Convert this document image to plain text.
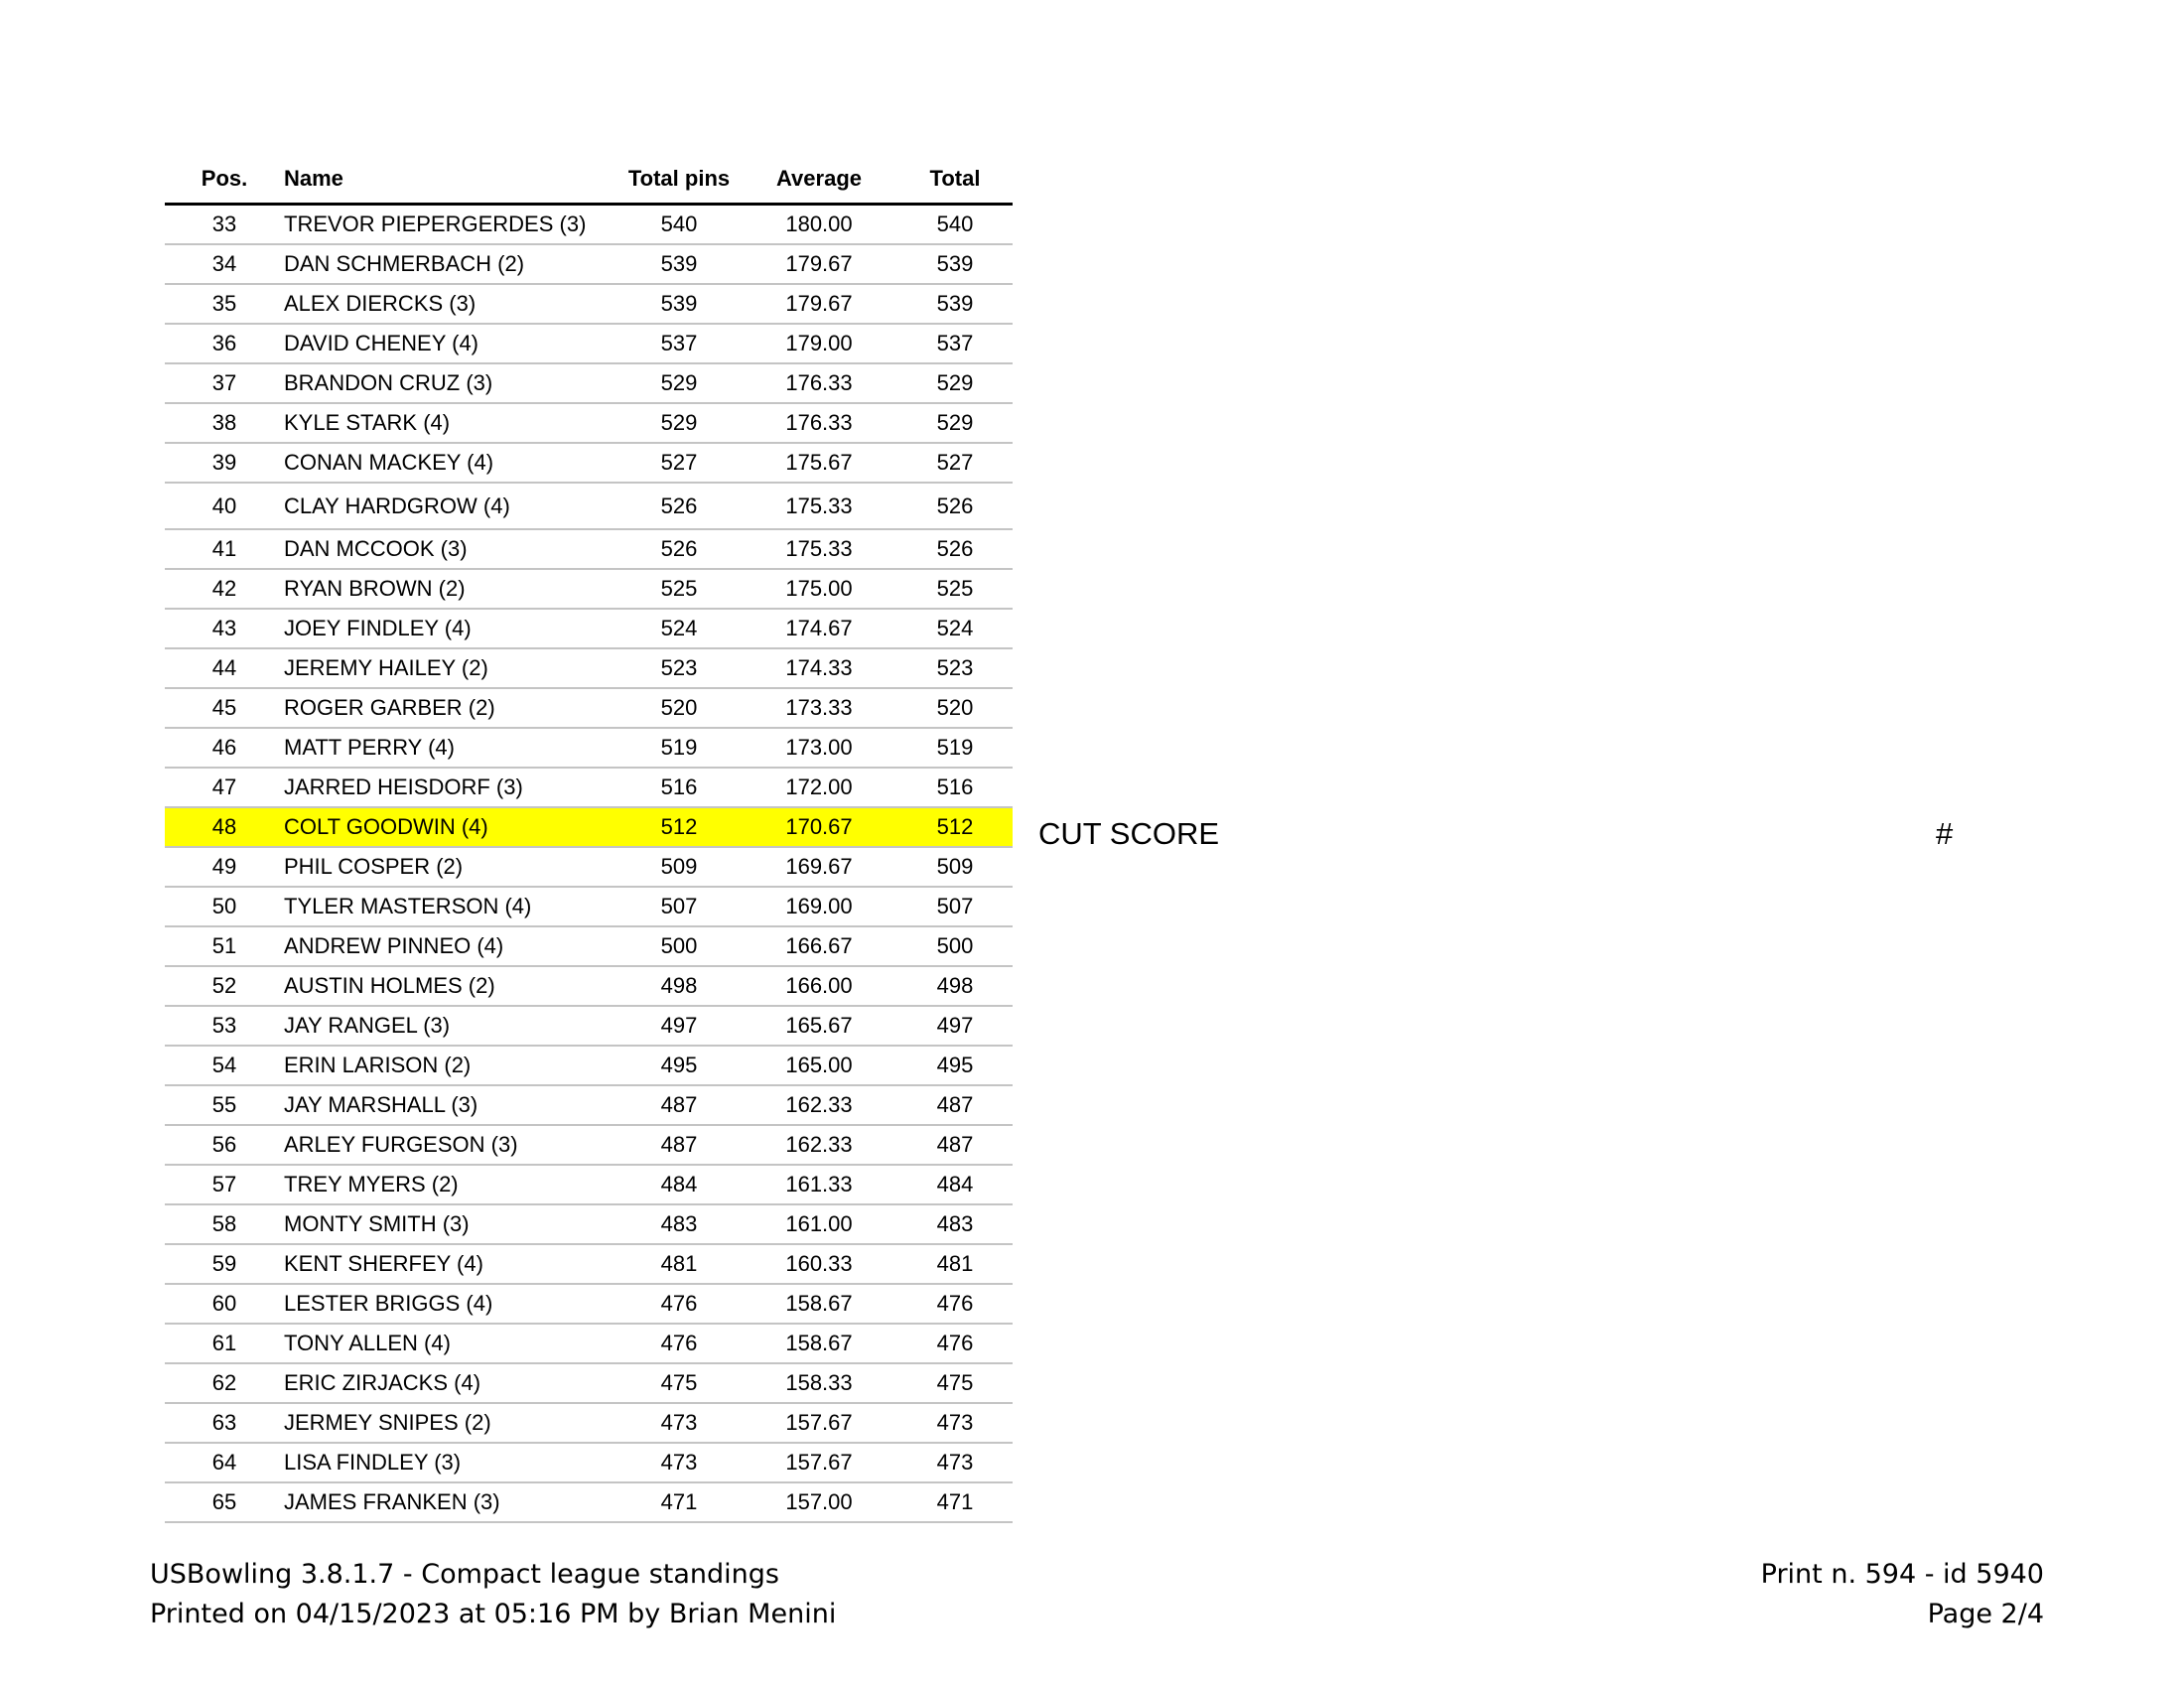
Pos.	Name	Total pins	Average	Total
33	TREVOR PIEPERGERDES (3)	540	180.00	540
34	DAN SCHMERBACH (2)	539	179.67	539
35	ALEX DIERCKS (3)	539	179.67	539
36	DAVID CHENEY (4)	537	179.00	537
37	BRANDON CRUZ (3)	529	176.33	529
38	KYLE STARK (4)	529	176.33	529
39	CONAN MACKEY (4)	527	175.67	527
40	CLAY HARDGROW (4)	526	175.33	526
41	DAN MCCOOK (3)	526	175.33	526
42	RYAN BROWN (2)	525	175.00	525
43	JOEY FINDLEY (4)	524	174.67	524
44	JEREMY HAILEY (2)	523	174.33	523
45	ROGER GARBER (2)	520	173.33	520
46	MATT PERRY (4)	519	173.00	519
47	JARRED HEISDORF (3)	516	172.00	516
48	COLT GOODWIN (4)	512	170.67	512
49	PHIL COSPER (2)	509	169.67	509
50	TYLER MASTERSON (4)	507	169.00	507
51	ANDREW PINNEO (4)	500	166.67	500
52	AUSTIN HOLMES (2)	498	166.00	498
53	JAY RANGEL (3)	497	165.67	497
54	ERIN LARISON (2)	495	165.00	495
55	JAY MARSHALL (3)	487	162.33	487
56	ARLEY FURGESON (3)	487	162.33	487
57	TREY MYERS (2)	484	161.33	484
58	MONTY SMITH (3)	483	161.00	483
59	KENT SHERFEY (4)	481	160.33	481
60	LESTER BRIGGS (4)	476	158.67	476
61	TONY ALLEN (4)	476	158.67	476
62	ERIC ZIRJACKS (4)	475	158.33	475
63	JERMEY SNIPES (2)	473	157.67	473
64	LISA FINDLEY (3)	473	157.67	473
65	JAMES FRANKEN (3)	471	157.00	471
CUT SCORE	#
USBowling 3.8.1.7 - Compact league standings
Printed on 04/15/2023 at 05:16 PM by Brian Menini
Print n. 594 - id 5940
Page 2/4
